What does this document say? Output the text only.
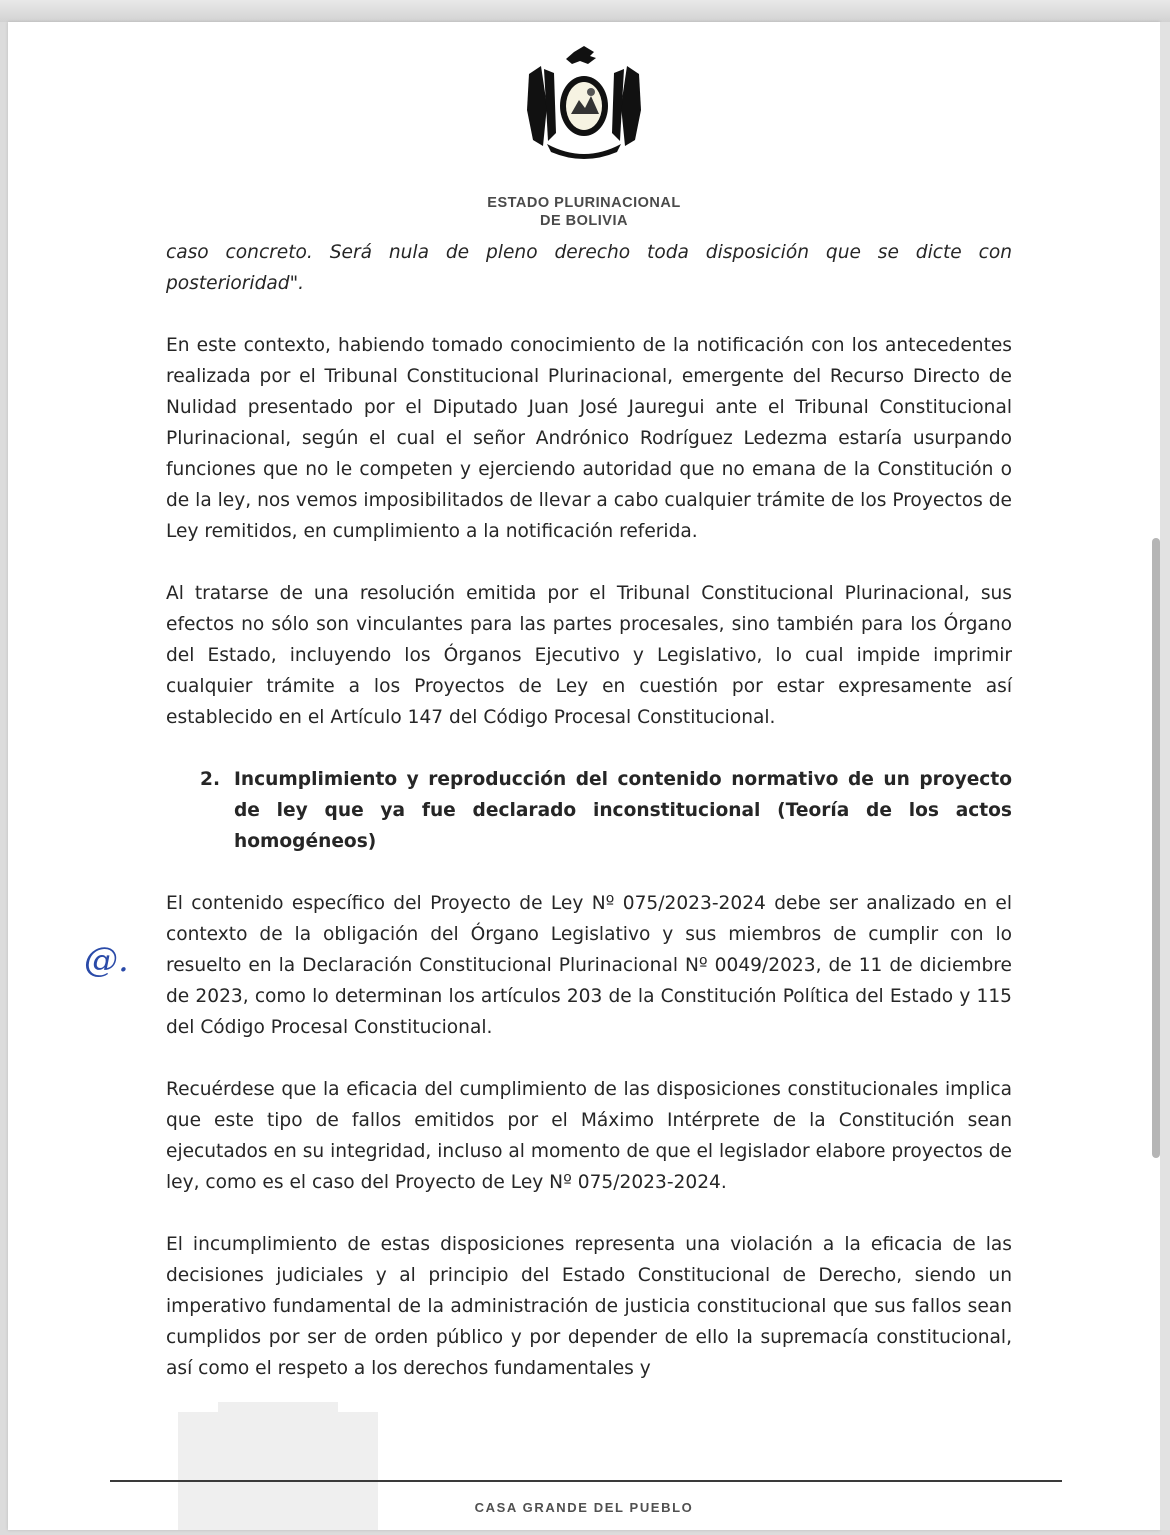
ESTADO PLURINACIONAL
DE BOLIVIA

caso concreto. Será nula de pleno derecho toda disposición que se dicte con posterioridad".

En este contexto, habiendo tomado conocimiento de la notificación con los antecedentes realizada por el Tribunal Constitucional Plurinacional, emergente del Recurso Directo de Nulidad presentado por el Diputado Juan José Jauregui ante el Tribunal Constitucional Plurinacional, según el cual el señor Andrónico Rodríguez Ledezma estaría usurpando funciones que no le competen y ejerciendo autoridad que no emana de la Constitución o de la ley, nos vemos imposibilitados de llevar a cabo cualquier trámite de los Proyectos de Ley remitidos, en cumplimiento a la notificación referida.

Al tratarse de una resolución emitida por el Tribunal Constitucional Plurinacional, sus efectos no sólo son vinculantes para las partes procesales, sino también para los Órgano del Estado, incluyendo los Órganos Ejecutivo y Legislativo, lo cual impide imprimir cualquier trámite a los Proyectos de Ley en cuestión por estar expresamente así establecido en el Artículo 147 del Código Procesal Constitucional.

2. Incumplimiento y reproducción del contenido normativo de un proyecto de ley que ya fue declarado inconstitucional (Teoría de los actos homogéneos)

El contenido específico del Proyecto de Ley Nº 075/2023-2024 debe ser analizado en el contexto de la obligación del Órgano Legislativo y sus miembros de cumplir con lo resuelto en la Declaración Constitucional Plurinacional Nº 0049/2023, de 11 de diciembre de 2023, como lo determinan los artículos 203 de la Constitución Política del Estado y 115 del Código Procesal Constitucional.

Recuérdese que la eficacia del cumplimiento de las disposiciones constitucionales implica que este tipo de fallos emitidos por el Máximo Intérprete de la Constitución sean ejecutados en su integridad, incluso al momento de que el legislador elabore proyectos de ley, como es el caso del Proyecto de Ley Nº 075/2023-2024.

El incumplimiento de estas disposiciones representa una violación a la eficacia de las decisiones judiciales y al principio del Estado Constitucional de Derecho, siendo un imperativo fundamental de la administración de justicia constitucional que sus fallos sean cumplidos por ser de orden público y por depender de ello la supremacía constitucional, así como el respeto a los derechos fundamentales y

@.
CASA GRANDE DEL PUEBLO
